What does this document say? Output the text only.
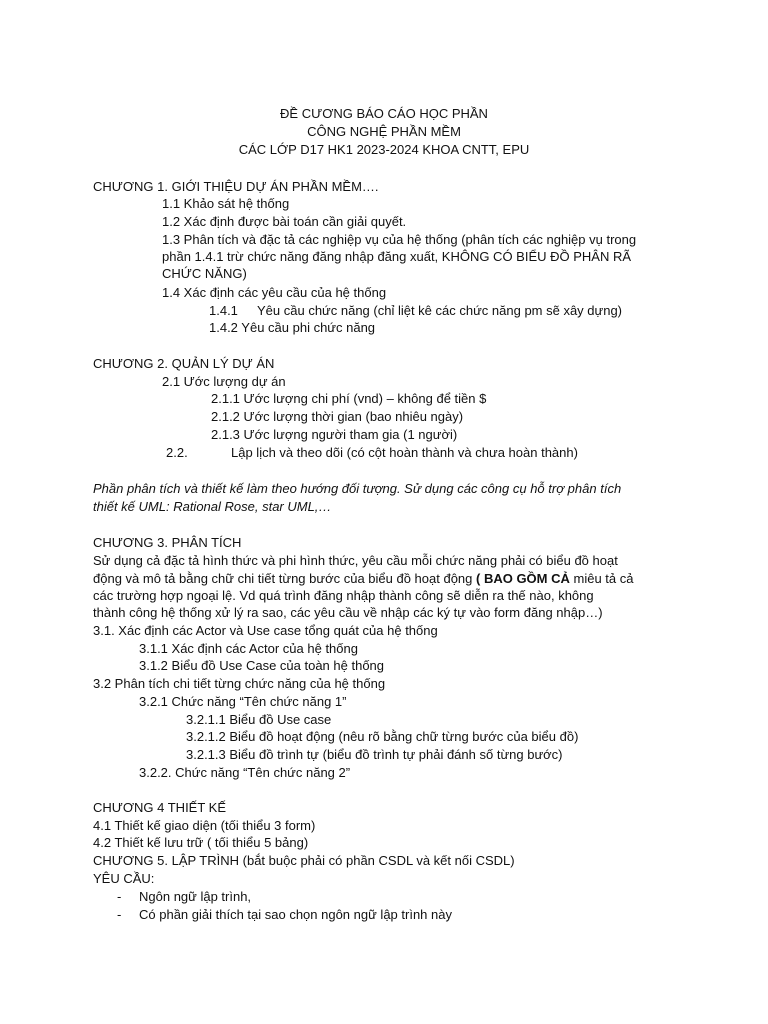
ĐỀ CƯƠNG BÁO CÁO HỌC PHẦN
CÔNG NGHỆ PHẦN MỀM
CÁC LỚP D17 HK1 2023-2024 KHOA CNTT, EPU
CHƯƠNG 1. GIỚI THIỆU DỰ ÁN PHẦN MỀM….
1.1 Khảo sát hệ thống
1.2 Xác định được bài toán cần giải quyết.
1.3 Phân tích và đặc tả các nghiệp vụ của hệ thống (phân tích các nghiệp vụ trong
phần 1.4.1 trừ chức năng đăng nhập đăng xuất, KHÔNG CÓ BIỂU ĐỒ PHÂN RÃ
CHỨC NĂNG)
1.4 Xác định các yêu cầu của hệ thống
1.4.1 Yêu cầu chức năng (chỉ liệt kê các chức năng pm sẽ xây dựng)
1.4.2 Yêu cầu phi chức năng
CHƯƠNG 2. QUẢN LÝ DỰ ÁN
2.1 Ước lượng dự án
2.1.1 Ước lượng chi phí (vnd) – không để tiền $
2.1.2 Ước lượng thời gian (bao nhiêu ngày)
2.1.3 Ước lượng người tham gia (1 người)
2.2.	Lập lịch và theo dõi (có cột hoàn thành và chưa hoàn thành)
Phần phân tích và thiết kế làm theo hướng đối tượng. Sử dụng các công cụ hỗ trợ phân tích
thiết kế UML: Rational Rose, star UML,…
CHƯƠNG 3. PHÂN TÍCH
Sử dụng cả đặc tả hình thức và phi hình thức, yêu cầu mỗi chức năng phải có biểu đồ hoạt
động và mô tả bằng chữ chi tiết từng bước của biểu đồ hoạt động ( BAO GỒM CẢ miêu tả cả
các trường hợp ngoại lệ. Vd quá trình đăng nhập thành công sẽ diễn ra thế nào, không
thành công hệ thống xử lý ra sao, các yêu cầu về nhập các ký tự vào form đăng nhập…)
3.1. Xác định các Actor và Use case tổng quát của hệ thống
3.1.1 Xác định các Actor của hệ thống
3.1.2 Biểu đồ Use Case của toàn hệ thống
3.2 Phân tích chi tiết từng chức năng của hệ thống
3.2.1 Chức năng “Tên chức năng 1”
3.2.1.1 Biểu đồ Use case
3.2.1.2 Biểu đồ hoạt động (nêu rõ bằng chữ từng bước của biểu đồ)
3.2.1.3 Biểu đồ trình tự (biểu đồ trình tự phải đánh số từng bước)
3.2.2. Chức năng “Tên chức năng 2”
CHƯƠNG 4 THIẾT KẾ
4.1 Thiết kế giao diện (tối thiểu 3 form)
4.2 Thiết kế lưu trữ ( tối thiểu 5 bảng)
CHƯƠNG 5. LẬP TRÌNH (bắt buộc phải có phần CSDL và kết nối CSDL)
YÊU CẦU:
- Ngôn ngữ lập trình,
- Có phần giải thích tại sao chọn ngôn ngữ lập trình này
